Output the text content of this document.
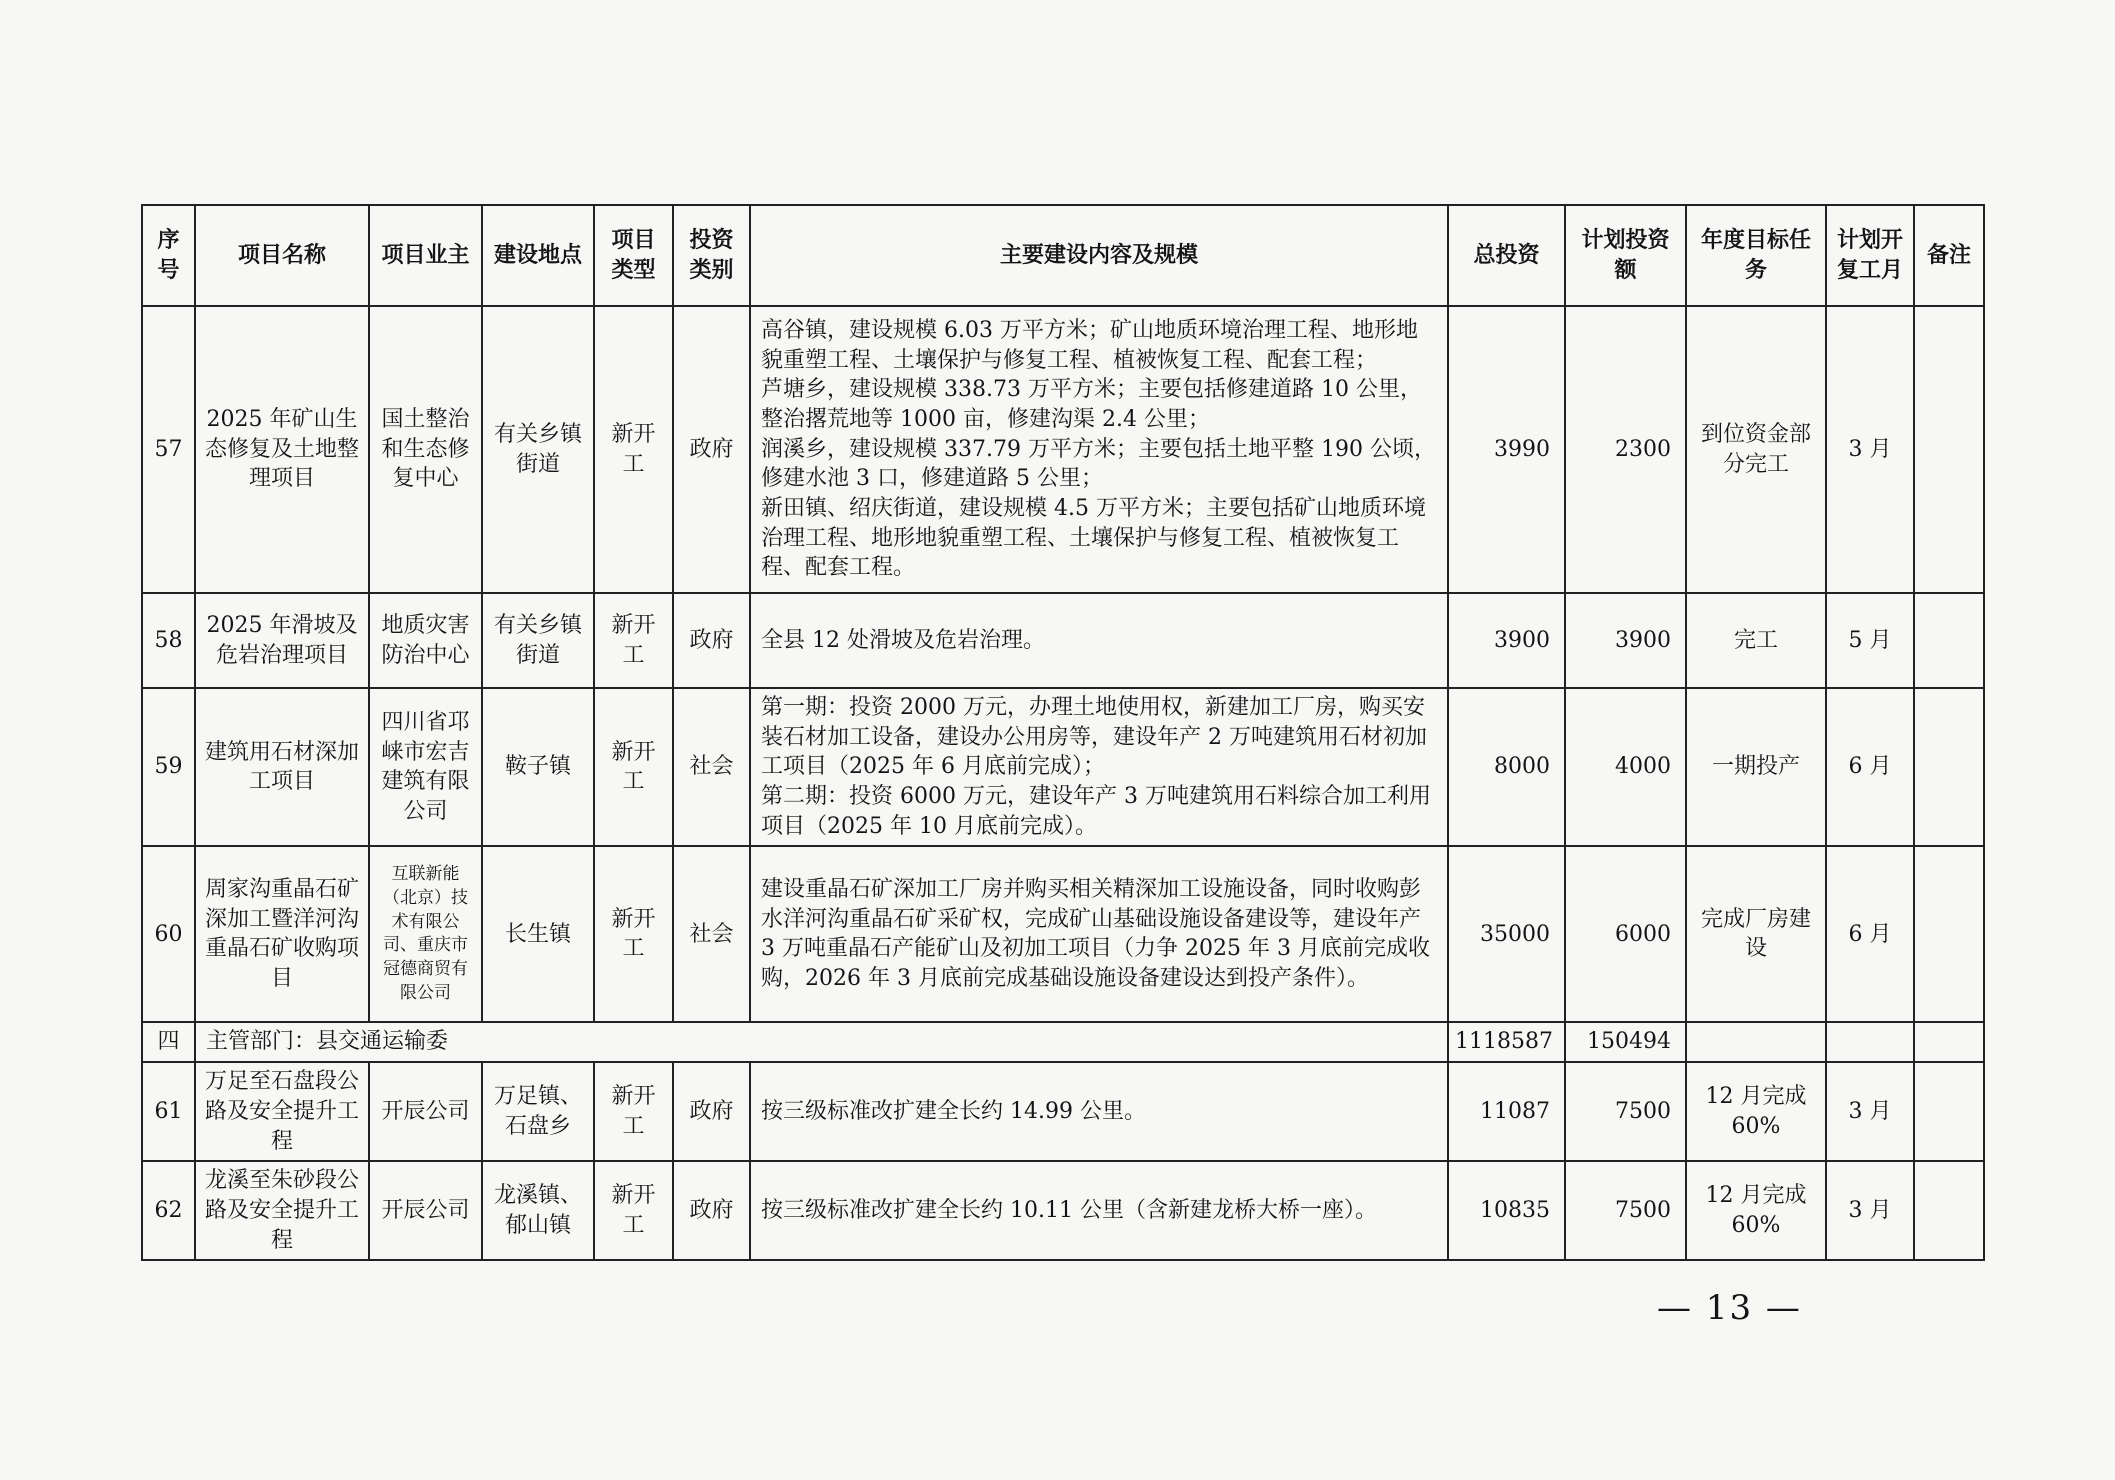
序号	项目名称	项目业主	建设地点	项目类型	投资类别	主要建设内容及规模	总投资	计划投资额	年度目标任务	计划开复工月	备注
57	2025 年矿山生态修复及土地整理项目	国土整治和生态修复中心	有关乡镇街道	新开工	政府	高谷镇，建设规模 6.03 万平方米；矿山地质环境治理工程、地形地貌重塑工程、土壤保护与修复工程、植被恢复工程、配套工程；
芦塘乡，建设规模 338.73 万平方米；主要包括修建道路 10 公里，整治撂荒地等 1000 亩，修建沟渠 2.4 公里；
润溪乡，建设规模 337.79 万平方米；主要包括土地平整 190 公顷，修建水池 3 口，修建道路 5 公里；
新田镇、绍庆街道，建设规模 4.5 万平方米；主要包括矿山地质环境治理工程、地形地貌重塑工程、土壤保护与修复工程、植被恢复工程、配套工程。	3990	2300	到位资金部分完工	3 月	
58	2025 年滑坡及危岩治理项目	地质灾害防治中心	有关乡镇街道	新开工	政府	全县 12 处滑坡及危岩治理。	3900	3900	完工	5 月	
59	建筑用石材深加工项目	四川省邛崃市宏吉建筑有限公司	鞍子镇	新开工	社会	第一期：投资 2000 万元，办理土地使用权，新建加工厂房，购买安装石材加工设备，建设办公用房等，建设年产 2 万吨建筑用石材初加工项目（2025 年 6 月底前完成）；
第二期：投资 6000 万元，建设年产 3 万吨建筑用石料综合加工利用项目（2025 年 10 月底前完成）。	8000	4000	一期投产	6 月	
60	周家沟重晶石矿深加工暨洋河沟重晶石矿收购项目	互联新能（北京）技术有限公司、重庆市冠德商贸有限公司	长生镇	新开工	社会	建设重晶石矿深加工厂房并购买相关精深加工设施设备，同时收购彭水洋河沟重晶石矿采矿权，完成矿山基础设施设备建设等，建设年产 3 万吨重晶石产能矿山及初加工项目（力争 2025 年 3 月底前完成收购，2026 年 3 月底前完成基础设施设备建设达到投产条件）。	35000	6000	完成厂房建设	6 月	
四	主管部门：县交通运输委						1118587	150494			
61	万足至石盘段公路及安全提升工程	开辰公司	万足镇、石盘乡	新开工	政府	按三级标准改扩建全长约 14.99 公里。	11087	7500	12 月完成 60%	3 月	
62	龙溪至朱砂段公路及安全提升工程	开辰公司	龙溪镇、郁山镇	新开工	政府	按三级标准改扩建全长约 10.11 公里（含新建龙桥大桥一座）。	10835	7500	12 月完成 60%	3 月	
— 13 —
